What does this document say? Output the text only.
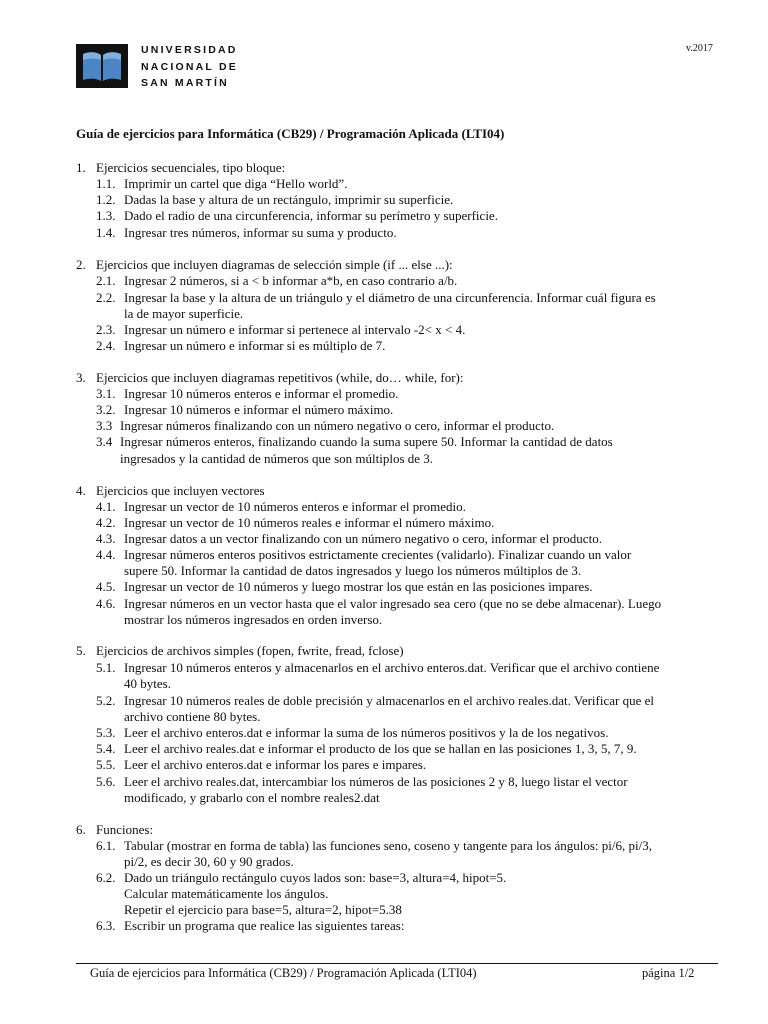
UNIVERSIDAD
NACIONAL DE
SAN MARTÍN
v.2017
Guía de ejercicios para Informática (CB29) / Programación Aplicada (LTI04)
1. Ejercicios secuenciales, tipo bloque:
1.1. Imprimir un cartel que diga “Hello world”.
1.2. Dadas la base y altura de un rectángulo, imprimir su superficie.
1.3. Dado el radio de una circunferencia, informar su perímetro y superficie.
1.4. Ingresar tres números, informar su suma y producto.
2. Ejercicios que incluyen diagramas de selección simple (if ... else ...):
2.1. Ingresar 2 números, si a < b informar a*b, en caso contrario a/b.
2.2. Ingresar la base y la altura de un triángulo y el diámetro de una circunferencia. Informar cuál figura es
la de mayor superficie.
2.3. Ingresar un número e informar si pertenece al intervalo -2< x < 4.
2.4. Ingresar un número e informar si es múltiplo de 7.
3. Ejercicios que incluyen diagramas repetitivos (while, do… while, for):
3.1. Ingresar 10 números enteros e informar el promedio.
3.2. Ingresar 10 números e informar el número máximo.
3.3 Ingresar números finalizando con un número negativo o cero, informar el producto.
3.4 Ingresar números enteros, finalizando cuando la suma supere 50. Informar la cantidad de datos
ingresados y la cantidad de números que son múltiplos de 3.
4. Ejercicios que incluyen vectores
4.1. Ingresar un vector de 10 números enteros e informar el promedio.
4.2. Ingresar un vector de 10 números reales e informar el número máximo.
4.3. Ingresar datos a un vector finalizando con un número negativo o cero, informar el producto.
4.4. Ingresar números enteros positivos estrictamente crecientes (validarlo). Finalizar cuando un valor
supere 50. Informar la cantidad de datos ingresados y luego los números múltiplos de 3.
4.5. Ingresar un vector de 10 números y luego mostrar los que están en las posiciones impares.
4.6. Ingresar números en un vector hasta que el valor ingresado sea cero (que no se debe almacenar). Luego
mostrar los números ingresados en orden inverso.
5. Ejercicios de archivos simples (fopen, fwrite, fread, fclose)
5.1. Ingresar 10 números enteros y almacenarlos en el archivo enteros.dat. Verificar que el archivo contiene
40 bytes.
5.2. Ingresar 10 números reales de doble precisión y almacenarlos en el archivo reales.dat. Verificar que el
archivo contiene 80 bytes.
5.3. Leer el archivo enteros.dat e informar la suma de los números positivos y la de los negativos.
5.4. Leer el archivo reales.dat e informar el producto de los que se hallan en las posiciones 1, 3, 5, 7, 9.
5.5. Leer el archivo enteros.dat e informar los pares e impares.
5.6. Leer el archivo reales.dat, intercambiar los números de las posiciones 2 y 8, luego listar el vector
modificado, y grabarlo con el nombre reales2.dat
6. Funciones:
6.1. Tabular (mostrar en forma de tabla) las funciones seno, coseno y tangente para los ángulos: pi/6, pi/3,
pi/2, es decir 30, 60 y 90 grados.
6.2. Dado un triángulo rectángulo cuyos lados son: base=3, altura=4, hipot=5.
Calcular matemáticamente los ángulos.
Repetir el ejercicio para base=5, altura=2, hipot=5.38
6.3. Escribir un programa que realice las siguientes tareas:
Guía de ejercicios para Informática (CB29) / Programación Aplicada (LTI04)	página 1/2
